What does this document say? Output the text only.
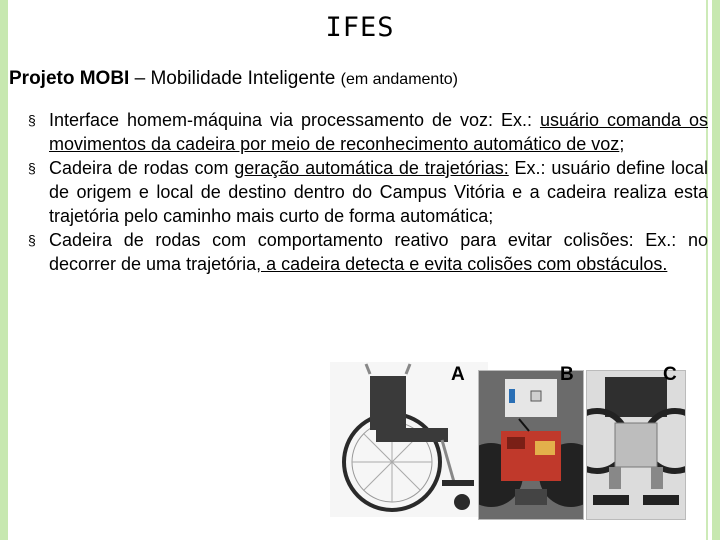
IFES
Projeto MOBI – Mobilidade Inteligente (em andamento)
§ Interface homem-máquina via processamento de voz: Ex.: usuário comanda os movimentos da cadeira por meio de reconhecimento automático de voz;
§ Cadeira de rodas com geração automática de trajetórias: Ex.: usuário define local de origem e local de destino dentro do Campus Vitória e a cadeira realiza esta trajetória pelo caminho mais curto de forma automática;
§ Cadeira de rodas com comportamento reativo para evitar colisões: Ex.: no decorrer de uma trajetória, a cadeira detecta e evita colisões com obstáculos.
A	B	C
